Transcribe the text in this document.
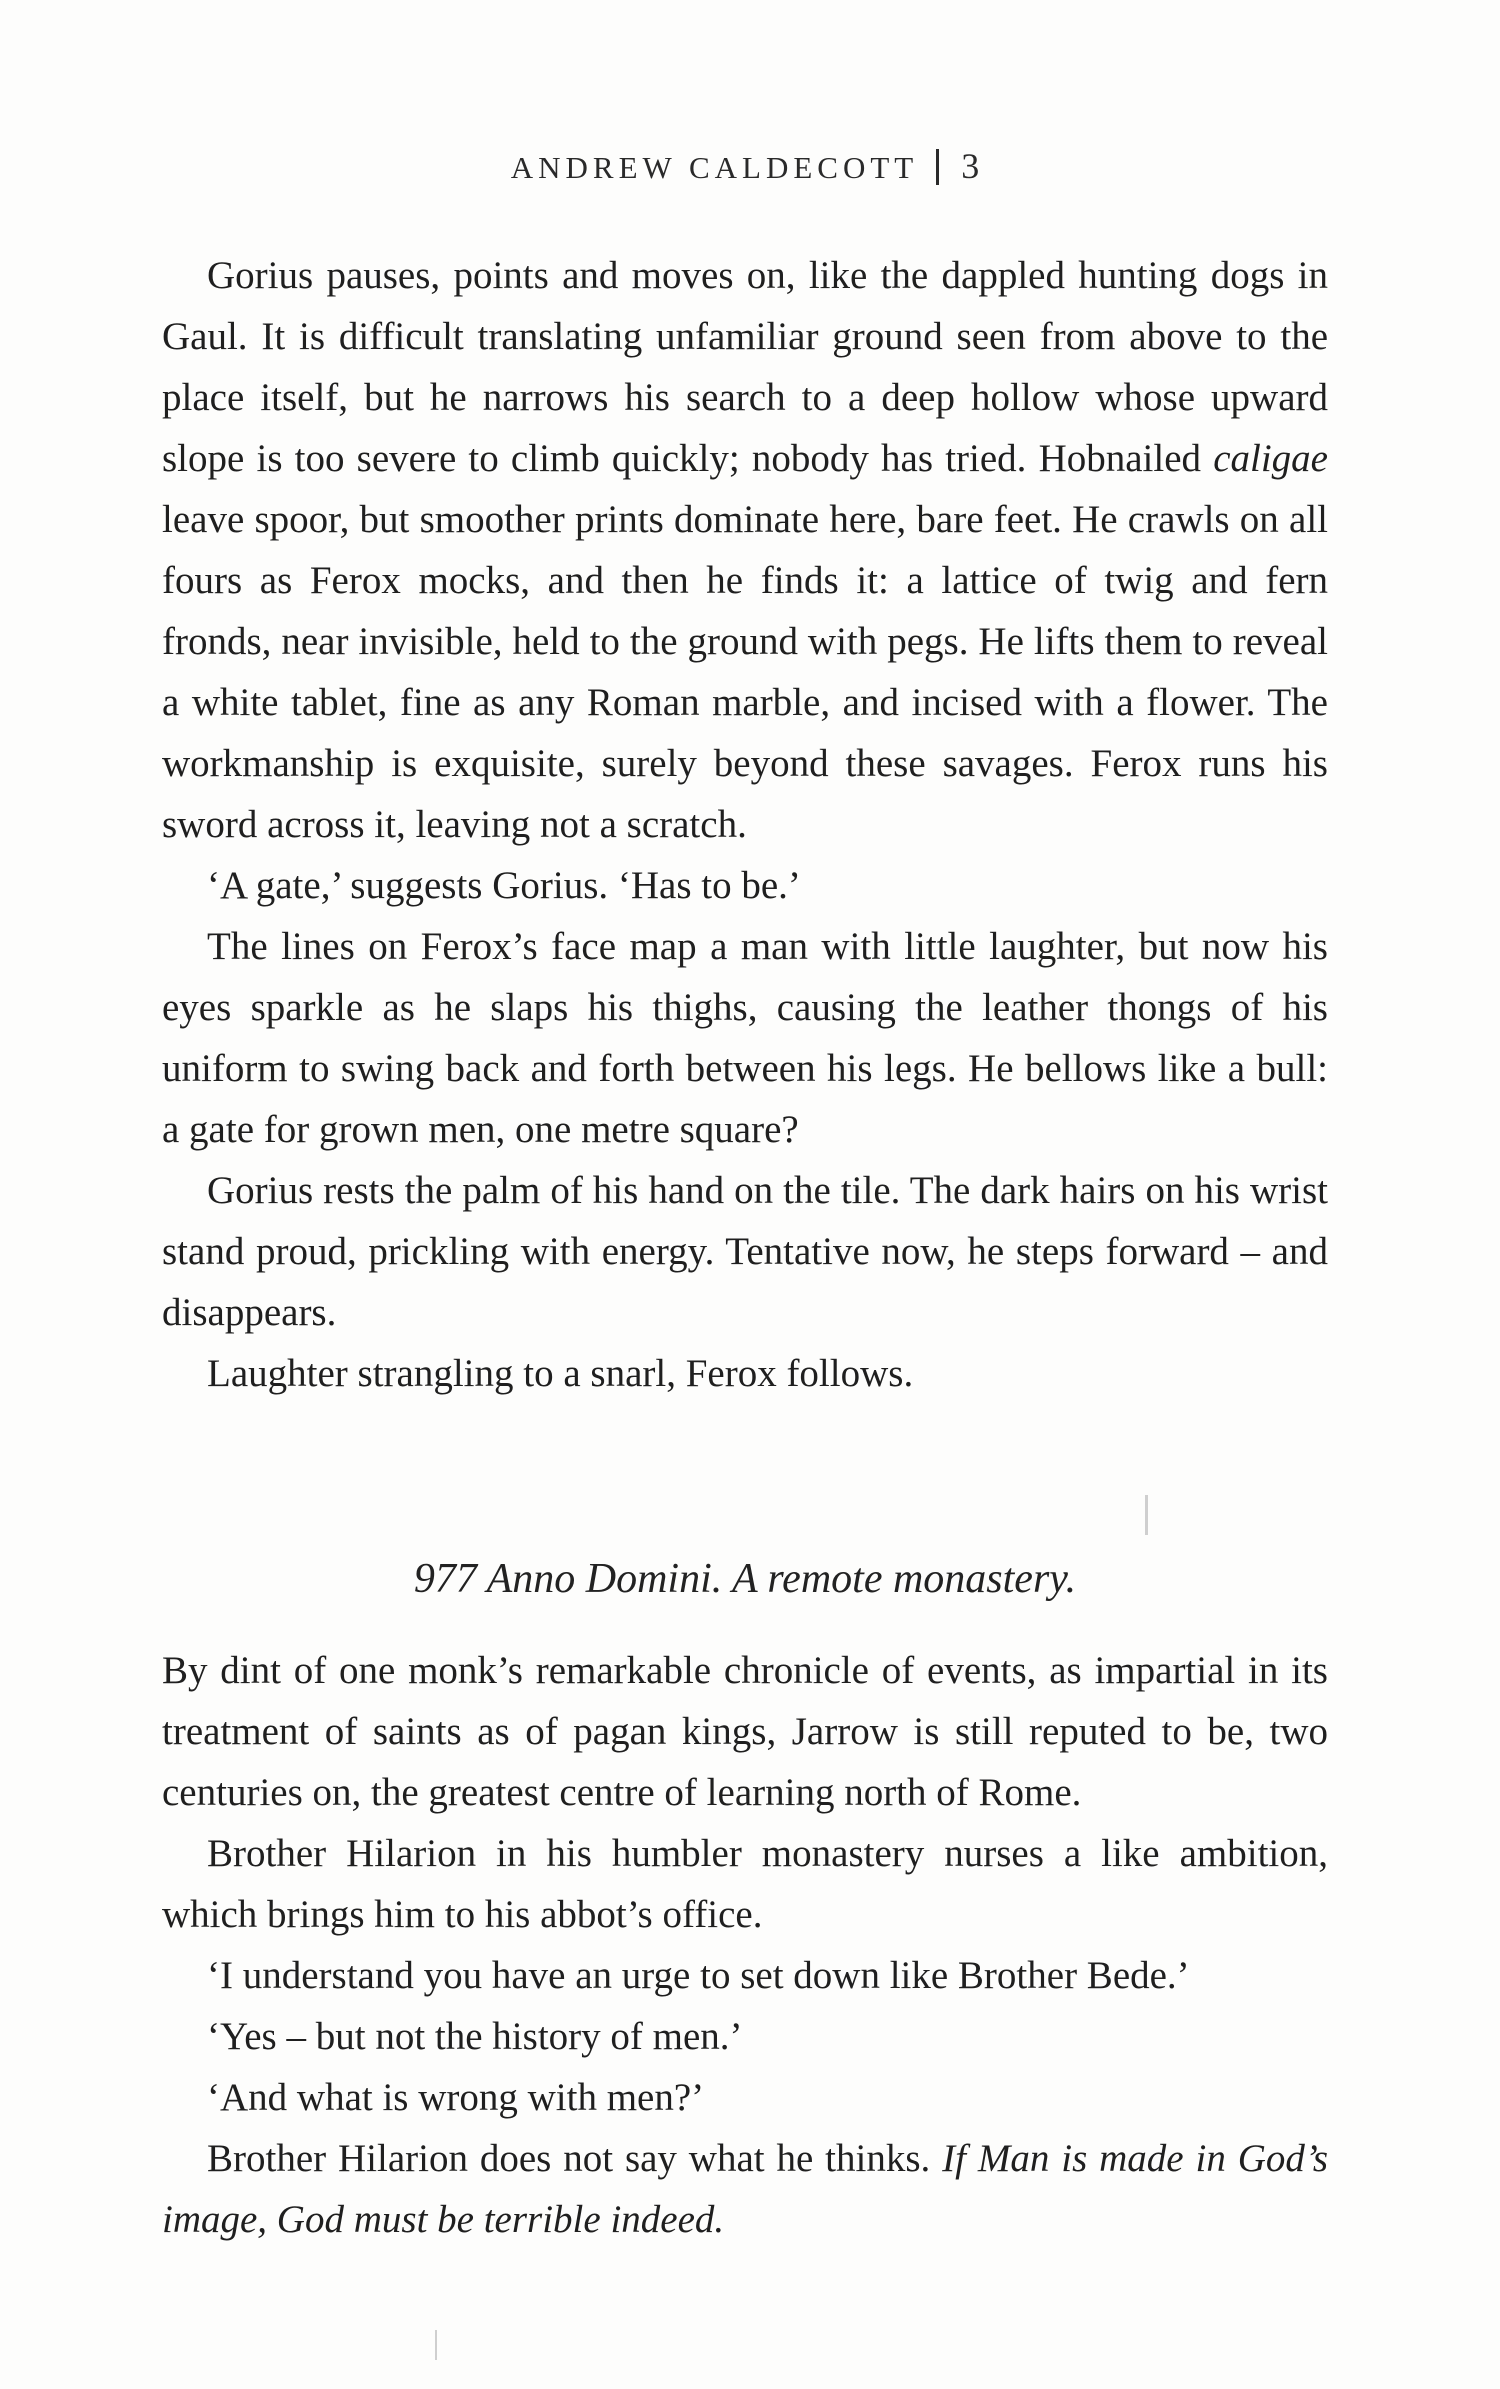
ANDREW CALDECOTT 3

Gorius pauses, points and moves on, like the dappled hunting dogs in Gaul. It is difficult translating unfamiliar ground seen from above to the place itself, but he narrows his search to a deep hollow whose upward slope is too severe to climb quickly; nobody has tried. Hobnailed caligae leave spoor, but smoother prints dominate here, bare feet. He crawls on all fours as Ferox mocks, and then he finds it: a lattice of twig and fern fronds, near invisible, held to the ground with pegs. He lifts them to reveal a white tablet, fine as any Roman marble, and incised with a flower. The workmanship is exquisite, surely beyond these savages. Ferox runs his sword across it, leaving not a scratch.

‘A gate,’ suggests Gorius. ‘Has to be.’

The lines on Ferox’s face map a man with little laughter, but now his eyes sparkle as he slaps his thighs, causing the leather thongs of his uniform to swing back and forth between his legs. He bellows like a bull: a gate for grown men, one metre square?

Gorius rests the palm of his hand on the tile. The dark hairs on his wrist stand proud, prickling with energy. Tentative now, he steps forward – and disappears.

Laughter strangling to a snarl, Ferox follows.

977 Anno Domini. A remote monastery.

By dint of one monk’s remarkable chronicle of events, as impartial in its treatment of saints as of pagan kings, Jarrow is still reputed to be, two centuries on, the greatest centre of learning north of Rome.

Brother Hilarion in his humbler monastery nurses a like ambition, which brings him to his abbot’s office.

‘I understand you have an urge to set down like Brother Bede.’

‘Yes – but not the history of men.’

‘And what is wrong with men?’

Brother Hilarion does not say what he thinks. If Man is made in God’s image, God must be terrible indeed.
